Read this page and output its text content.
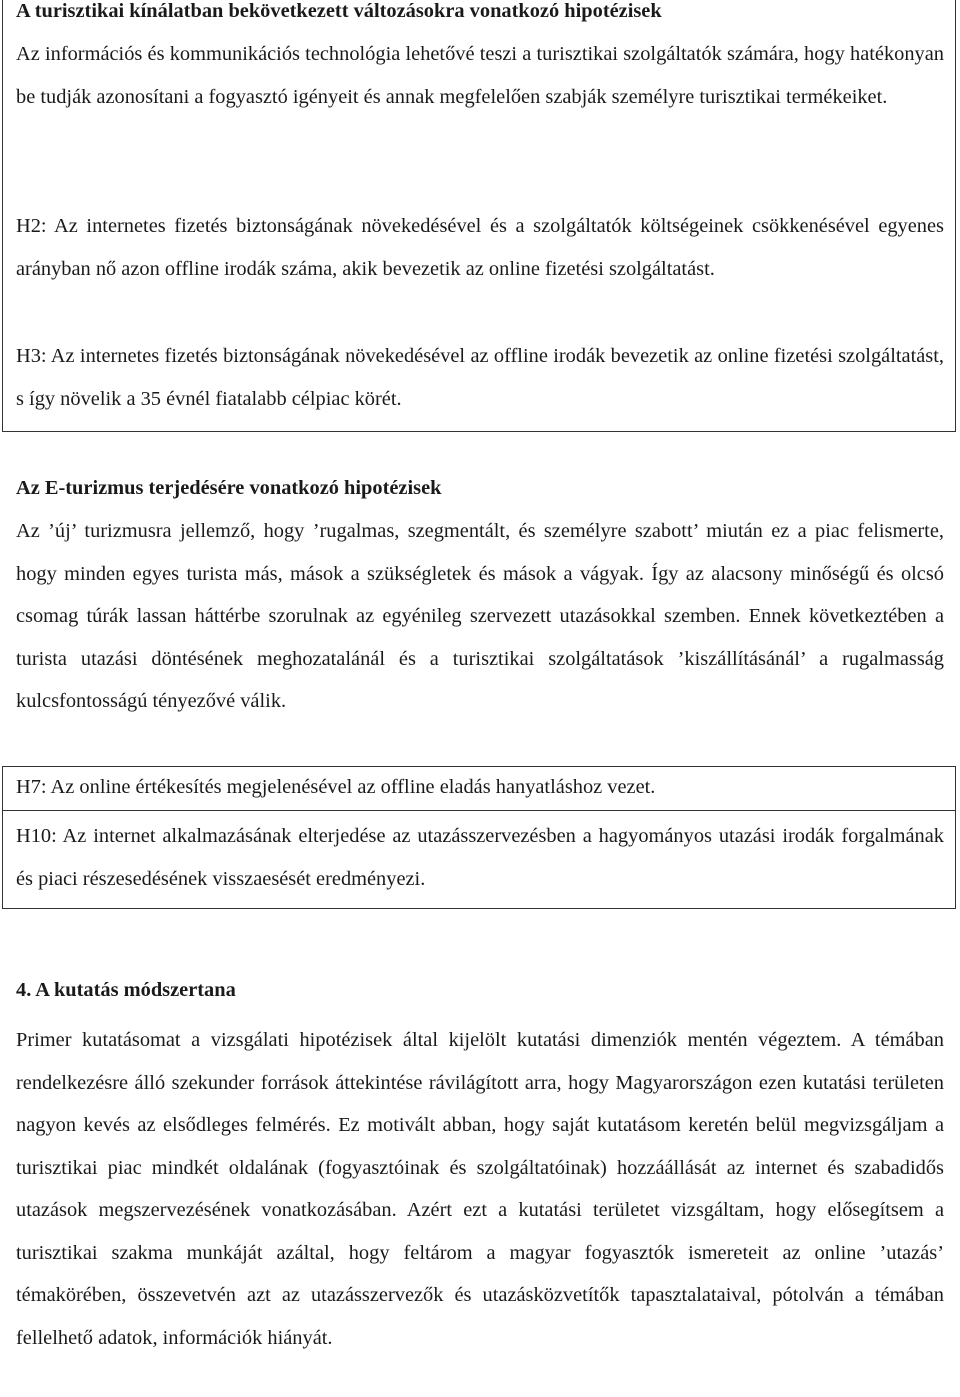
A turisztikai kínálatban bekövetkezett változásokra vonatkozó hipotézisek

Az információs és kommunikációs technológia lehetővé teszi a turisztikai szolgáltatók számára, hogy hatékonyan be tudják azonosítani a fogyasztó igényeit és annak megfelelően szabják személyre turisztikai termékeiket.

H2: Az internetes fizetés biztonságának növekedésével és a szolgáltatók költségeinek csökkenésével egyenes arányban nő azon offline irodák száma, akik bevezetik az online fizetési szolgáltatást.

H3: Az internetes fizetés biztonságának növekedésével az offline irodák bevezetik az online fizetési szolgáltatást, s így növelik a 35 évnél fiatalabb célpiac körét.

Az E-turizmus terjedésére vonatkozó hipotézisek

Az ’új’ turizmusra jellemző, hogy ’rugalmas, szegmentált, és személyre szabott’ miután ez a piac felismerte, hogy minden egyes turista más, mások a szükségletek és mások a vágyak. Így az alacsony minőségű és olcsó csomag túrák lassan háttérbe szorulnak az egyénileg szervezett utazásokkal szemben. Ennek következtében a turista utazási döntésének meghozatalánál és a turisztikai szolgáltatások ’kiszállításánál’ a rugalmasság kulcsfontosságú tényezővé válik.

H7: Az online értékesítés megjelenésével az offline eladás hanyatláshoz vezet.

H10: Az internet alkalmazásának elterjedése az utazásszervezésben a hagyományos utazási irodák forgalmának és piaci részesedésének visszaesését eredményezi.

4. A kutatás módszertana

Primer kutatásomat a vizsgálati hipotézisek által kijelölt kutatási dimenziók mentén végeztem. A témában rendelkezésre álló szekunder források áttekintése rávilágított arra, hogy Magyarországon ezen kutatási területen nagyon kevés az elsődleges felmérés. Ez motivált abban, hogy saját kutatásom keretén belül megvizsgáljam a turisztikai piac mindkét oldalának (fogyasztóinak és szolgáltatóinak) hozzáállását az internet és szabadidős utazások megszervezésének vonatkozásában. Azért ezt a kutatási területet vizsgáltam, hogy elősegítsem a turisztikai szakma munkáját azáltal, hogy feltárom a magyar fogyasztók ismereteit az online ’utazás’ témakörében, összevetvén azt az utazásszervezők és utazásközvetítők tapasztalataival, pótolván a témában fellelhető adatok, információk hiányát.
